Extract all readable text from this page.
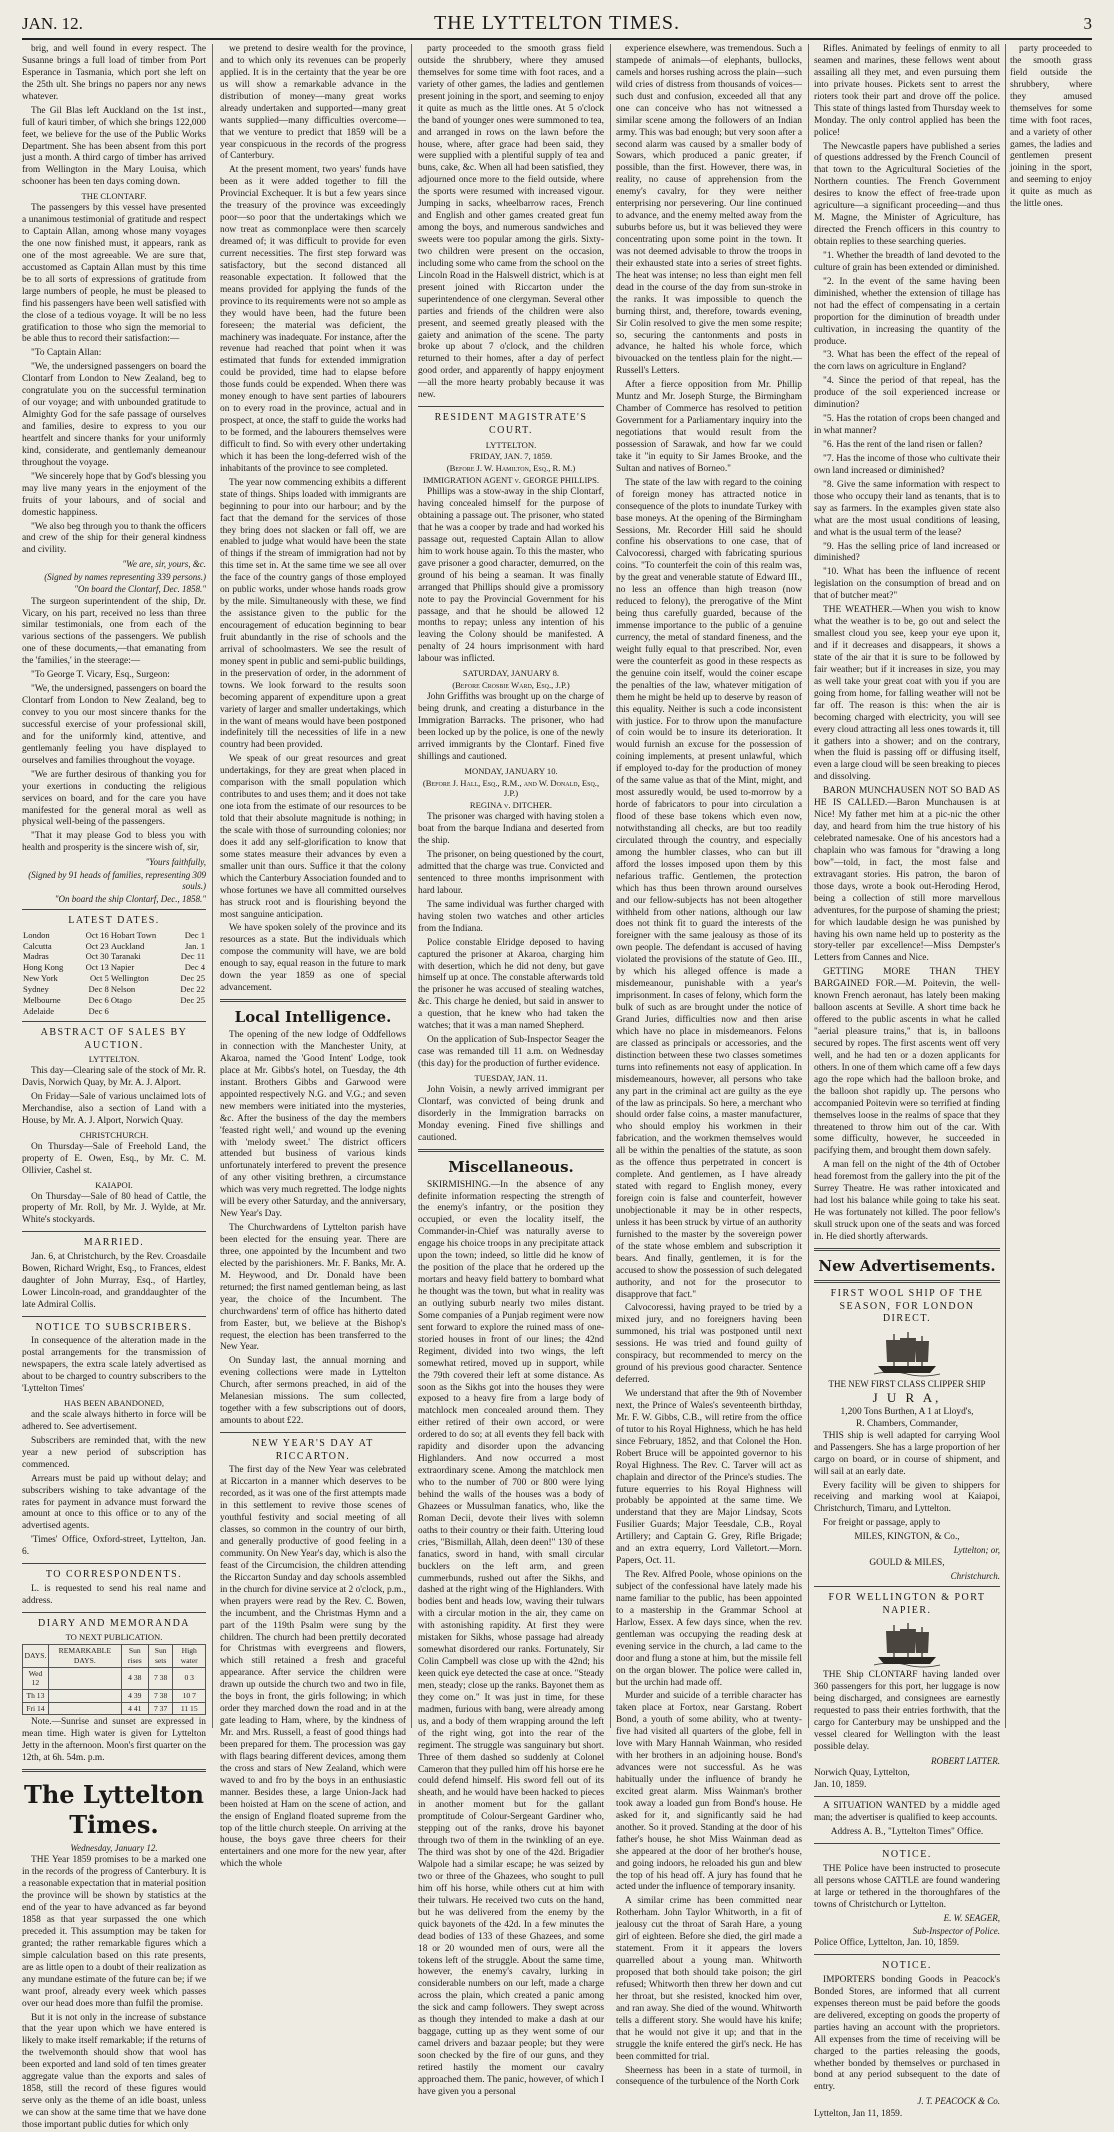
JAN. 12.	THE LYTTELTON TIMES.	3

brig, and well found in every respect. The Susanne brings a full load of timber from Port Esperance in Tasmania, which port she left on the 25th ult. She brings no papers nor any news whatever.

The Gil Blas left Auckland on the 1st inst., full of kauri timber, of which she brings 122,000 feet, we believe for the use of the Public Works Department. She has been absent from this port just a month. A third cargo of timber has arrived from Wellington in the Mary Louisa, which schooner has been ten days coming down.

THE CLONTARF.

The passengers by this vessel have presented a unanimous testimonial of gratitude and respect to Captain Allan, among whose many voyages the one now finished must, it appears, rank as one of the most agreeable. We are sure that, accustomed as Captain Allan must by this time be to all sorts of expressions of gratitude from large numbers of people, he must be pleased to find his passengers have been well satisfied with the close of a tedious voyage. It will be no less gratification to those who sign the memorial to be able thus to record their satisfaction:—

"To Captain Allan:

"We, the undersigned passengers on board the Clontarf from London to New Zealand, beg to congratulate you on the successful termination of our voyage; and with unbounded gratitude to Almighty God for the safe passage of ourselves and families, desire to express to you our heartfelt and sincere thanks for your uniformly kind, considerate, and gentlemanly demeanour throughout the voyage.

"We sincerely hope that by God's blessing you may live many years in the enjoyment of the fruits of your labours, and of social and domestic happiness.

"We also beg through you to thank the officers and crew of the ship for their general kindness and civility.

"We are, sir, yours, &c.
(Signed by names representing 339 persons.)
"On board the Clontarf, Dec. 1858."

The surgeon superintendent of the ship, Dr. Vicary, on his part, received no less than three similar testimonials, one from each of the various sections of the passengers. We publish one of these documents,—that emanating from the 'families,' in the steerage:—

"To George T. Vicary, Esq., Surgeon:

"We, the undersigned, passengers on board the Clontarf from London to New Zealand, beg to convey to you our most sincere thanks for the successful exercise of your professional skill, and for the uniformly kind, attentive, and gentlemanly feeling you have displayed to ourselves and families throughout the voyage.

"We are further desirous of thanking you for your exertions in conducting the religious services on board, and for the care you have manifested for the general moral as well as physical well-being of the passengers.

"That it may please God to bless you with health and prosperity is the sincere wish of, sir,

"Yours faithfully,
(Signed by 91 heads of families, representing 309 souls.)
"On board the ship Clontarf, Dec., 1858."
LATEST DATES.
London	Oct 16	Hobart Town	Dec 1
Calcutta	Oct 23	Auckland	Jan. 1
Madras	Oct 30	Taranaki	Dec 11
Hong Kong	Oct 13	Napier	Dec 4
New York	Oct 5	Wellington	Dec 25
Sydney	Dec 8	Nelson	Dec 22
Melbourne	Dec 6	Otago	Dec 25
Adelaide	Dec 6		
ABSTRACT OF SALES BY AUCTION.
LYTTELTON.

This day—Clearing sale of the stock of Mr. R. Davis, Norwich Quay, by Mr. A. J. Alport.

On Friday—Sale of various unclaimed lots of Merchandise, also a section of Land with a House, by Mr. A. J. Alport, Norwich Quay.

CHRISTCHURCH.

On Thursday—Sale of Freehold Land, the property of E. Owen, Esq., by Mr. C. M. Ollivier, Cashel st.

KAIAPOI.

On Thursday—Sale of 80 head of Cattle, the property of Mr. Roll, by Mr. J. Wylde, at Mr. White's stockyards.

MARRIED.

Jan. 6, at Christchurch, by the Rev. Croasdaile Bowen, Richard Wright, Esq., to Frances, eldest daughter of John Murray, Esq., of Hartley, Lower Lincoln-road, and granddaughter of the late Admiral Collis.

NOTICE TO SUBSCRIBERS.

In consequence of the alteration made in the postal arrangements for the transmission of newspapers, the extra scale lately advertised as about to be charged to country subscribers to the 'Lyttelton Times'

HAS BEEN ABANDONED,

and the scale always hitherto in force will be adhered to. See advertisement.

Subscribers are reminded that, with the new year a new period of subscription has commenced.

Arrears must be paid up without delay; and subscribers wishing to take advantage of the rates for payment in advance must forward the amount at once to this office or to any of the advertised agents.

'Times' Office, Oxford-street, Lyttelton, Jan. 6.

TO CORRESPONDENTS.

L. is requested to send his real name and address.

DIARY AND MEMORANDA
TO NEXT PUBLICATION.
DAYS.	REMARKABLE DAYS.	Sun rises	Sun sets	High water
Wed 12		4 38	7 38	0 3
Th 13		4 39	7 38	10 7
Fri 14		4 41	7 37	11 15

Note.—Sunrise and sunset are expressed in mean time. High water is given for Lyttelton Jetty in the afternoon. Moon's first quarter on the 12th, at 6h. 54m. p.m.

The Lyttelton Times.
Wednesday, January 12.

THE Year 1859 promises to be a marked one in the records of the progress of Canterbury. It is a reasonable expectation that in material position the province will be shown by statistics at the end of the year to have advanced as far beyond 1858 as that year surpassed the one which preceded it. This assumption may be taken for granted; the rather remarkable figures which a simple calculation based on this rate presents, are as little open to a doubt of their realization as any mundane estimate of the future can be; if we want proof, already every week which passes over our head does more than fulfil the promise.

But it is not only in the increase of substance that the year upon which we have entered is likely to make itself remarkable; if the returns of the twelvemonth should show that wool has been exported and land sold of ten times greater aggregate value than the exports and sales of 1858, still the record of these figures would serve only as the theme of an idle boast, unless we can show at the same time that we have done those important public duties for which only

we pretend to desire wealth for the province, and to which only its revenues can be properly applied. It is in the certainty that the year be ore us will show a remarkable advance in the distribution of money—many great works already undertaken and supported—many great wants supplied—many difficulties overcome—that we venture to predict that 1859 will be a year conspicuous in the records of the progress of Canterbury.

At the present moment, two years' funds have been as it were added together to fill the Provincial Exchequer. It is but a few years since the treasury of the province was exceedingly poor—so poor that the undertakings which we now treat as commonplace were then scarcely dreamed of; it was difficult to provide for even current necessities. The first step forward was satisfactory, but the second distanced all reasonable expectation. It followed that the means provided for applying the funds of the province to its requirements were not so ample as they would have been, had the future been foreseen; the material was deficient, the machinery was inadequate. For instance, after the revenue had reached that point when it was estimated that funds for extended immigration could be provided, time had to elapse before those funds could be expended. When there was money enough to have sent parties of labourers on to every road in the province, actual and in prospect, at once, the staff to guide the works had to be formed, and the labourers themselves were difficult to find. So with every other undertaking which it has been the long-deferred wish of the inhabitants of the province to see completed.

The year now commencing exhibits a different state of things. Ships loaded with immigrants are beginning to pour into our harbour; and by the fact that the demand for the services of those they bring does not slacken or fall off, we are enabled to judge what would have been the state of things if the stream of immigration had not by this time set in. At the same time we see all over the face of the country gangs of those employed on public works, under whose hands roads grow by the mile. Simultaneously with these, we find the assistance given to the public for the encouragement of education beginning to bear fruit abundantly in the rise of schools and the arrival of schoolmasters. We see the result of money spent in public and semi-public buildings, in the preservation of order, in the adornment of towns. We look forward to the results soon becoming apparent of expenditure upon a great variety of larger and smaller undertakings, which in the want of means would have been postponed indefinitely till the necessities of life in a new country had been provided.

We speak of our great resources and great undertakings, for they are great when placed in comparison with the small population which contributes to and uses them; and it does not take one iota from the estimate of our resources to be told that their absolute magnitude is nothing; in the scale with those of surrounding colonies; nor does it add any self-glorification to know that some states measure their advances by even a smaller unit than ours. Suffice it that the colony which the Canterbury Association founded and to whose fortunes we have all committed ourselves has struck root and is flourishing beyond the most sanguine anticipation.

We have spoken solely of the province and its resources as a state. But the individuals which compose the community will have, we are bold enough to say, equal reason in the future to mark down the year 1859 as one of special advancement.

Local Intelligence.

The opening of the new lodge of Oddfellows in connection with the Manchester Unity, at Akaroa, named the 'Good Intent' Lodge, took place at Mr. Gibbs's hotel, on Tuesday, the 4th instant. Brothers Gibbs and Garwood were appointed respectively N.G. and V.G.; and seven new members were initiated into the mysteries, &c. After the business of the day the members 'feasted right well,' and wound up the evening with 'melody sweet.' The district officers attended but business of various kinds unfortunately interfered to prevent the presence of any other visiting brethren, a circumstance which was very much regretted. The lodge nights will be every other Saturday, and the anniversary, New Year's Day.

The Churchwardens of Lyttelton parish have been elected for the ensuing year. There are three, one appointed by the Incumbent and two elected by the parishioners. Mr. F. Banks, Mr. A. M. Heywood, and Dr. Donald have been returned; the first named gentleman being, as last year, the choice of the Incumbent. The churchwardens' term of office has hitherto dated from Easter, but, we believe at the Bishop's request, the election has been transferred to the New Year.

On Sunday last, the annual morning and evening collections were made in Lyttelton Church, after sermons preached, in aid of the Melanesian missions. The sum collected, together with a few subscriptions out of doors, amounts to about £22.

NEW YEAR'S DAY AT RICCARTON.

The first day of the New Year was celebrated at Riccarton in a manner which deserves to be recorded, as it was one of the first attempts made in this settlement to revive those scenes of youthful festivity and social meeting of all classes, so common in the country of our birth, and generally productive of good feeling in a community. On New Year's day, which is also the feast of the Circumcision, the children attending the Riccarton Sunday and day schools assembled in the church for divine service at 2 o'clock, p.m., when prayers were read by the Rev. C. Bowen, the incumbent, and the Christmas Hymn and a part of the 119th Psalm were sung by the children. The church had been prettily decorated for Christmas with evergreens and flowers, which still retained a fresh and graceful appearance. After service the children were drawn up outside the church two and two in file, the boys in front, the girls following; in which order they marched down the road and in at the gate leading to Ham, where, by the kindness of Mr. and Mrs. Russell, a feast of good things had been prepared for them. The procession was gay with flags bearing different devices, among them the cross and stars of New Zealand, which were waved to and fro by the boys in an enthusiastic manner. Besides these, a large Union-Jack had been hoisted at Ham on the scene of action, and the ensign of England floated supreme from the top of the little church steeple. On arriving at the house, the boys gave three cheers for their entertainers and one more for the new year, after which the whole

party proceeded to the smooth grass field outside the shrubbery, where they amused themselves for some time with foot races, and a variety of other games, the ladies and gentlemen present joining in the sport, and seeming to enjoy it quite as much as the little ones. At 5 o'clock the band of younger ones were summoned to tea, and arranged in rows on the lawn before the house, where, after grace had been said, they were supplied with a plentiful supply of tea and buns, cake, &c. When all had been satisfied, they adjourned once more to the field outside, where the sports were resumed with increased vigour. Jumping in sacks, wheelbarrow races, French and English and other games created great fun among the boys, and numerous sandwiches and sweets were too popular among the girls. Sixty-two children were present on the occasion, including some who came from the school on the Lincoln Road in the Halswell district, which is at present joined with Riccarton under the superintendence of one clergyman. Several other parties and friends of the children were also present, and seemed greatly pleased with the gaiety and animation of the scene. The party broke up about 7 o'clock, and the children returned to their homes, after a day of perfect good order, and apparently of happy enjoyment—all the more hearty probably because it was new.

RESIDENT MAGISTRATE'S COURT.
LYTTELTON.
FRIDAY, JAN. 7, 1859.
(Before J. W. Hamilton, Esq., R. M.)
IMMIGRATION AGENT v. GEORGE PHILLIPS.

Phillips was a stow-away in the ship Clontarf, having concealed himself for the purpose of obtaining a passage out. The prisoner, who stated that he was a cooper by trade and had worked his passage out, requested Captain Allan to allow him to work house again. To this the master, who gave prisoner a good character, demurred, on the ground of his being a seaman. It was finally arranged that Phillips should give a promissory note to pay the Provincial Government for his passage, and that he should be allowed 12 months to repay; unless any intention of his leaving the Colony should be manifested. A penalty of 24 hours imprisonment with hard labour was inflicted.

SATURDAY, JANUARY 8.
(Before Crosbie Ward, Esq., J.P.)

John Griffiths was brought up on the charge of being drunk, and creating a disturbance in the Immigration Barracks. The prisoner, who had been locked up by the police, is one of the newly arrived immigrants by the Clontarf. Fined five shillings and cautioned.

MONDAY, JANUARY 10.
(Before J. Hall, Esq., R.M., and W. Donald, Esq., J.P.)
REGINA v. DITCHER.

The prisoner was charged with having stolen a boat from the barque Indiana and deserted from the ship.

The prisoner, on being questioned by the court, admitted that the charge was true. Convicted and sentenced to three months imprisonment with hard labour.

The same individual was further charged with having stolen two watches and other articles from the Indiana.

Police constable Elridge deposed to having captured the prisoner at Akaroa, charging him with desertion, which he did not deny, but gave himself up at once. The constable afterwards told the prisoner he was accused of stealing watches, &c. This charge he denied, but said in answer to a question, that he knew who had taken the watches; that it was a man named Shepherd.

On the application of Sub-Inspector Seager the case was remanded till 11 a.m. on Wednesday (this day) for the production of further evidence.

TUESDAY, JAN. 11.

John Voisin, a newly arrived immigrant per Clontarf, was convicted of being drunk and disorderly in the Immigration barracks on Monday evening. Fined five shillings and cautioned.

Miscellaneous.

SKIRMISHING.—In the absence of any definite information respecting the strength of the enemy's infantry, or the position they occupied, or even the locality itself, the Commander-in-Chief was naturally averse to engage his choice troops in any precipitate attack upon the town; indeed, so little did he know of the position of the place that he ordered up the mortars and heavy field battery to bombard what he thought was the town, but what in reality was an outlying suburb nearly two miles distant. Some companies of a Punjab regiment were now sent forward to explore the ruined mass of one-storied houses in front of our lines; the 42nd Regiment, divided into two wings, the left somewhat retired, moved up in support, while the 79th covered their left at some distance. As soon as the Sikhs got into the houses they were exposed to a heavy fire from a large body of matchlock men concealed around them. They either retired of their own accord, or were ordered to do so; at all events they fell back with rapidity and disorder upon the advancing Highlanders. And now occurred a most extraordinary scene. Among the matchlock men who to the number of 700 or 800 were lying behind the walls of the houses was a body of Ghazees or Mussulman fanatics, who, like the Roman Decii, devote their lives with solemn oaths to their country or their faith. Uttering loud cries, "Bismillah, Allah, deen deen!" 130 of these fanatics, sword in hand, with small circular bucklers on the left arm, and green cummerbunds, rushed out after the Sikhs, and dashed at the right wing of the Highlanders. With bodies bent and heads low, waving their tulwars with a circular motion in the air, they came on with astonishing rapidity. At first they were mistaken for Sikhs, whose passage had already somewhat disordered our ranks. Fortunately, Sir Colin Campbell was close up with the 42nd; his keen quick eye detected the case at once. "Steady men, steady; close up the ranks. Bayonet them as they come on." It was just in time, for these madmen, furious with bang, were already among us, and a body of them wrapping around the left of the right wing, got into the rear of the regiment. The struggle was sanguinary but short. Three of them dashed so suddenly at Colonel Cameron that they pulled him off his horse ere he could defend himself. His sword fell out of its sheath, and he would have been hacked to pieces in another moment but for the gallant promptitude of Colour-Sergeant Gardiner who, stepping out of the ranks, drove his bayonet through two of them in the twinkling of an eye. The third was shot by one of the 42d. Brigadier Walpole had a similar escape; he was seized by two or three of the Ghazees, who sought to pull him off his horse, while others cut at him with their tulwars. He received two cuts on the hand, but he was delivered from the enemy by the quick bayonets of the 42d. In a few minutes the dead bodies of 133 of these Ghazees, and some 18 or 20 wounded men of ours, were all the tokens left of the struggle. About the same time, however, the enemy's cavalry, lurking in considerable numbers on our left, made a charge across the plain, which created a panic among the sick and camp followers. They swept across as though they intended to make a dash at our baggage, cutting up as they went some of our camel drivers and bazaar people; but they were soon checked by the fire of our guns, and they retired hastily the moment our cavalry approached them. The panic, however, of which I have given you a personal

experience elsewhere, was tremendous. Such a stampede of animals—of elephants, bullocks, camels and horses rushing across the plain—such wild cries of distress from thousands of voices—such dust and confusion, exceeded all that any one can conceive who has not witnessed a similar scene among the followers of an Indian army. This was bad enough; but very soon after a second alarm was caused by a smaller body of Sowars, which produced a panic greater, if possible, than the first. However, there was, in reality, no cause of apprehension from the enemy's cavalry, for they were neither enterprising nor persevering. Our line continued to advance, and the enemy melted away from the suburbs before us, but it was believed they were concentrating upon some point in the town. It was not deemed advisable to throw the troops in their exhausted state into a series of street fights. The heat was intense; no less than eight men fell dead in the course of the day from sun-stroke in the ranks. It was impossible to quench the burning thirst, and, therefore, towards evening, Sir Colin resolved to give the men some respite; so, securing the cantonments and posts in advance, he halted his whole force, which bivouacked on the tentless plain for the night.—Russell's Letters.

After a fierce opposition from Mr. Phillip Muntz and Mr. Joseph Sturge, the Birmingham Chamber of Commerce has resolved to petition Government for a Parliamentary inquiry into the negotiations that would result from the possession of Sarawak, and how far we could take it "in equity to Sir James Brooke, and the Sultan and natives of Borneo."

The state of the law with regard to the coining of foreign money has attracted notice in consequence of the plots to inundate Turkey with base moneys. At the opening of the Birmingham Sessions, Mr. Recorder Hill said he should confine his observations to one case, that of Calvocoressi, charged with fabricating spurious coins. "To counterfeit the coin of this realm was, by the great and venerable statute of Edward III., no less an offence than high treason (now reduced to felony), the prerogative of the Mint being thus carefully guarded, because of the immense importance to the public of a genuine currency, the metal of standard fineness, and the weight fully equal to that prescribed. Nor, even were the counterfeit as good in these respects as the genuine coin itself, would the coiner escape the penalties of the law, whatever mitigation of them he might be held up to deserve by reason of this equality. Neither is such a code inconsistent with justice. For to throw upon the manufacture of coin would be to insure its deterioration. It would furnish an excuse for the possession of coining implements, at present unlawful, which if employed to-day for the production of money of the same value as that of the Mint, might, and most assuredly would, be used to-morrow by a horde of fabricators to pour into circulation a flood of these base tokens which even now, notwithstanding all checks, are but too readily circulated through the country, and especially among the humbler classes, who can but ill afford the losses imposed upon them by this nefarious traffic. Gentlemen, the protection which has thus been thrown around ourselves and our fellow-subjects has not been altogether withheld from other nations, although our law does not think fit to guard the interests of the foreigner with the same jealousy as those of its own people. The defendant is accused of having violated the provisions of the statute of Geo. III., by which his alleged offence is made a misdemeanour, punishable with a year's imprisonment. In cases of felony, which form the bulk of such as are brought under the notice of Grand Juries, difficulties now and then arise which have no place in misdemeanors. Felons are classed as principals or accessories, and the distinction between these two classes sometimes turns into refinements not easy of application. In misdemeanours, however, all persons who take any part in the criminal act are guilty as the eye of the law as principals. So here, a merchant who should order false coins, a master manufacturer, who should employ his workmen in their fabrication, and the workmen themselves would all be within the penalties of the statute, as soon as the offence thus perpetrated in concert is complete. And gentlemen, as I have already stated with regard to English money, every foreign coin is false and counterfeit, however unobjectionable it may be in other respects, unless it has been struck by virtue of an authority furnished to the master by the sovereign power of the state whose emblem and subscription it bears. And finally, gentlemen, it is for the accused to show the possession of such delegated authority, and not for the prosecutor to disapprove that fact."

Calvocoressi, having prayed to be tried by a mixed jury, and no foreigners having been summoned, his trial was postponed until next sessions. He was tried and found guilty of conspiracy, but recommended to mercy on the ground of his previous good character. Sentence deferred.

We understand that after the 9th of November next, the Prince of Wales's seventeenth birthday, Mr. F. W. Gibbs, C.B., will retire from the office of tutor to his Royal Highness, which he has held since February, 1852, and that Colonel the Hon. Robert Bruce will be appointed governor to his Royal Highness. The Rev. C. Tarver will act as chaplain and director of the Prince's studies. The future equerries to his Royal Highness will probably be appointed at the same time. We understand that they are Major Lindsay, Scots Fusilier Guards; Major Teesdale, C.B., Royal Artillery; and Captain G. Grey, Rifle Brigade; and an extra equerry, Lord Valletort.—Morn. Papers, Oct. 11.

The Rev. Alfred Poole, whose opinions on the subject of the confessional have lately made his name familiar to the public, has been appointed to a mastership in the Grammar School at Harlow, Essex. A few days since, when the rev. gentleman was occupying the reading desk at evening service in the church, a lad came to the door and flung a stone at him, but the missile fell on the organ blower. The police were called in, but the urchin had made off.

Murder and suicide of a terrible character has taken place at Fortox, near Garstang. Robert Bond, a youth of some ability, who at twenty-five had visited all quarters of the globe, fell in love with Mary Hannah Wainman, who resided with her brothers in an adjoining house. Bond's advances were not successful. As he was habitually under the influence of brandy he excited great alarm. Miss Wainman's brother took away a loaded gun from Bond's house. He asked for it, and significantly said he had another. So it proved. Standing at the door of his father's house, he shot Miss Wainman dead as she appeared at the door of her brother's house, and going indoors, he reloaded his gun and blew the top of his head off. A jury has found that he acted under the influence of temporary insanity.

A similar crime has been committed near Rotherham. John Taylor Whitworth, in a fit of jealousy cut the throat of Sarah Hare, a young girl of eighteen. Before she died, the girl made a statement. From it it appears the lovers quarrelled about a young man. Whitworth proposed that both should take poison; the girl refused; Whitworth then threw her down and cut her throat, but she resisted, knocked him over, and ran away. She died of the wound. Whitworth tells a different story. She would have his knife; that he would not give it up; and that in the struggle the knife entered the girl's neck. He has been committed for trial.

Sheerness has been in a state of turmoil, in consequence of the turbulence of the North Cork

Rifles. Animated by feelings of enmity to all seamen and marines, these fellows went about assailing all they met, and even pursuing them into private houses. Pickets sent to arrest the rioters took their part and drove off the police. This state of things lasted from Thursday week to Monday. The only control applied has been the police!

The Newcastle papers have published a series of questions addressed by the French Council of that town to the Agricultural Societies of the Northern counties. The French Government desires to know the effect of free-trade upon agriculture—a significant proceeding—and thus M. Magne, the Minister of Agriculture, has directed the French officers in this country to obtain replies to these searching queries.

"1. Whether the breadth of land devoted to the culture of grain has been extended or diminished.

"2. In the event of the same having been diminished, whether the extension of tillage has not had the effect of compensating in a certain proportion for the diminution of breadth under cultivation, in increasing the quantity of the produce.

"3. What has been the effect of the repeal of the corn laws on agriculture in England?

"4. Since the period of that repeal, has the produce of the soil experienced increase or diminution?

"5. Has the rotation of crops been changed and in what manner?

"6. Has the rent of the land risen or fallen?

"7. Has the income of those who cultivate their own land increased or diminished?

"8. Give the same information with respect to those who occupy their land as tenants, that is to say as farmers. In the examples given state also what are the most usual conditions of leasing, and what is the usual term of the lease?

"9. Has the selling price of land increased or diminished?

"10. What has been the influence of recent legislation on the consumption of bread and on that of butcher meat?"

THE WEATHER.—When you wish to know what the weather is to be, go out and select the smallest cloud you see, keep your eye upon it, and if it decreases and disappears, it shows a state of the air that it is sure to be followed by fair weather; but if it increases in size, you may as well take your great coat with you if you are going from home, for falling weather will not be far off. The reason is this: when the air is becoming charged with electricity, you will see every cloud attracting all less ones towards it, till it gathers into a shower; and on the contrary, when the fluid is passing off or diffusing itself, even a large cloud will be seen breaking to pieces and dissolving.

BARON MUNCHAUSEN NOT SO BAD AS HE IS CALLED.—Baron Munchausen is at Nice! My father met him at a pic-nic the other day, and heard from him the true history of his celebrated namesake. One of his ancestors had a chaplain who was famous for "drawing a long bow"—told, in fact, the most false and extravagant stories. His patron, the baron of those days, wrote a book out-Heroding Herod, being a collection of still more marvellous adventures, for the purpose of shaming the priest; for which laudable design he was punished by having his own name held up to posterity as the story-teller par excellence!—Miss Dempster's Letters from Cannes and Nice.

GETTING MORE THAN THEY BARGAINED FOR.—M. Poitevin, the well-known French aeronaut, has lately been making balloon ascents at Seville. A short time back he offered to the public ascents in what he called "aerial pleasure trains," that is, in balloons secured by ropes. The first ascents went off very well, and he had ten or a dozen applicants for others. In one of them which came off a few days ago the rope which had the balloon broke, and the balloon shot rapidly up. The persons who accompanied Poitevin were so terrified at finding themselves loose in the realms of space that they threatened to throw him out of the car. With some difficulty, however, he succeeded in pacifying them, and brought them down safely.

A man fell on the night of the 4th of October head foremost from the gallery into the pit of the Surrey Theatre. He was rather intoxicated and had lost his balance while going to take his seat. He was fortunately not killed. The poor fellow's skull struck upon one of the seats and was forced in. He died shortly afterwards.

New Advertisements.
FIRST WOOL SHIP OF THE SEASON, FOR LONDON DIRECT.
THE NEW FIRST CLASS CLIPPER SHIP
J U R A,
1,200 Tons Burthen, A 1 at Lloyd's,
R. Chambers, Commander,

THIS ship is well adapted for carrying Wool and Passengers. She has a large proportion of her cargo on board, or in course of shipment, and will sail at an early date.

Every facility will be given to shippers for receiving and marking wool at Kaiapoi, Christchurch, Timaru, and Lyttelton.

For freight or passage, apply to

MILES, KINGTON, & Co.,
Lyttelton; or,
GOULD & MILES,
Christchurch.
FOR WELLINGTON & PORT NAPIER.

THE Ship CLONTARF having landed over 360 passengers for this port, her luggage is now being discharged, and consignees are earnestly requested to pass their entries forthwith, that the cargo for Canterbury may be unshipped and the vessel cleared for Wellington with the least possible delay.

ROBERT LATTER.
Norwich Quay, Lyttelton,
Jan. 10, 1859.

A SITUATION WANTED by a middle aged man; the advertiser is qualified to keep accounts.

Address A. B., "Lyttelton Times" Office.
NOTICE.

THE Police have been instructed to prosecute all persons whose CATTLE are found wandering at large or tethered in the thoroughfares of the towns of Christchurch or Lyttelton.

E. W. SEAGER,
Sub-Inspector of Police.
Police Office, Lyttelton, Jan. 10, 1859.
NOTICE.

IMPORTERS bonding Goods in Peacock's Bonded Stores, are informed that all current expenses thereon must be paid before the goods are delivered, excepting on goods the property of parties having an account with the proprietors. All expenses from the time of receiving will be charged to the parties releasing the goods, whether bonded by themselves or purchased in bond at any period subsequent to the date of entry.

J. T. PEACOCK & Co.
Lyttelton, Jan 11, 1859.

party proceeded to the smooth grass field outside the shrubbery, where they amused themselves for some time with foot races, and a variety of other games, the ladies and gentlemen present joining in the sport, and seeming to enjoy it quite as much as the little ones.
